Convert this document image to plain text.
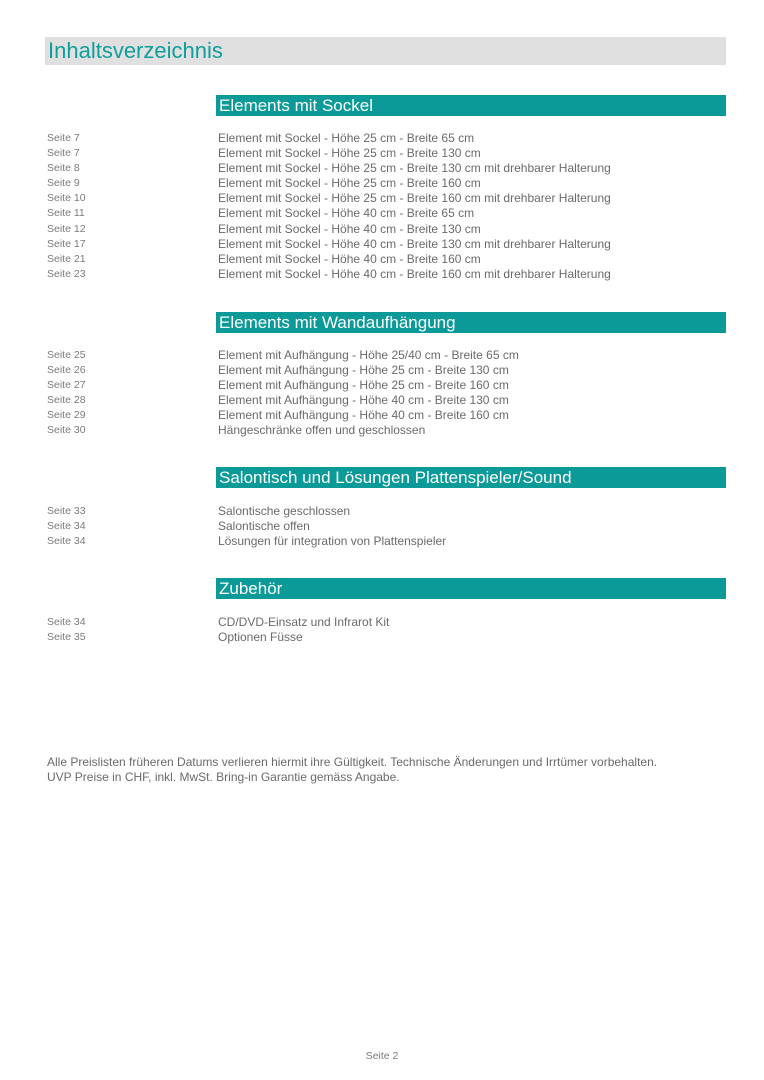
Inhaltsverzeichnis
Elements mit Sockel
Seite 7	Element mit Sockel - Höhe 25 cm - Breite 65 cm
Seite 7	Element mit Sockel - Höhe 25 cm - Breite 130 cm
Seite 8	Element mit Sockel - Höhe 25 cm - Breite 130 cm mit drehbarer Halterung
Seite 9	Element mit Sockel - Höhe 25 cm - Breite 160 cm
Seite 10	Element mit Sockel - Höhe 25 cm - Breite 160 cm mit drehbarer Halterung
Seite 11	Element mit Sockel - Höhe 40 cm - Breite 65 cm
Seite 12	Element mit Sockel - Höhe 40 cm - Breite 130 cm
Seite 17	Element mit Sockel - Höhe 40 cm - Breite 130 cm mit drehbarer Halterung
Seite 21	Element mit Sockel - Höhe 40 cm - Breite 160 cm
Seite 23	Element mit Sockel - Höhe 40 cm - Breite 160 cm mit drehbarer Halterung
Elements mit Wandaufhängung
Seite 25	Element mit Aufhängung - Höhe 25/40 cm - Breite 65 cm
Seite 26	Element mit Aufhängung - Höhe 25 cm - Breite 130 cm
Seite 27	Element mit Aufhängung - Höhe 25 cm - Breite 160 cm
Seite 28	Element mit Aufhängung - Höhe 40 cm - Breite 130 cm
Seite 29	Element mit Aufhängung - Höhe 40 cm - Breite 160 cm
Seite 30	Hängeschränke offen und geschlossen
Salontisch und Lösungen Plattenspieler/Sound
Seite 33	Salontische geschlossen
Seite 34	Salontische offen
Seite 34	Lösungen für integration von Plattenspieler
Zubehör
Seite 34	CD/DVD-Einsatz und Infrarot Kit
Seite 35	Optionen Füsse
Alle Preislisten früheren Datums verlieren hiermit ihre Gültigkeit. Technische Änderungen und Irrtümer vorbehalten.
UVP Preise in CHF, inkl. MwSt. Bring-in Garantie gemäss Angabe.
Seite 2
